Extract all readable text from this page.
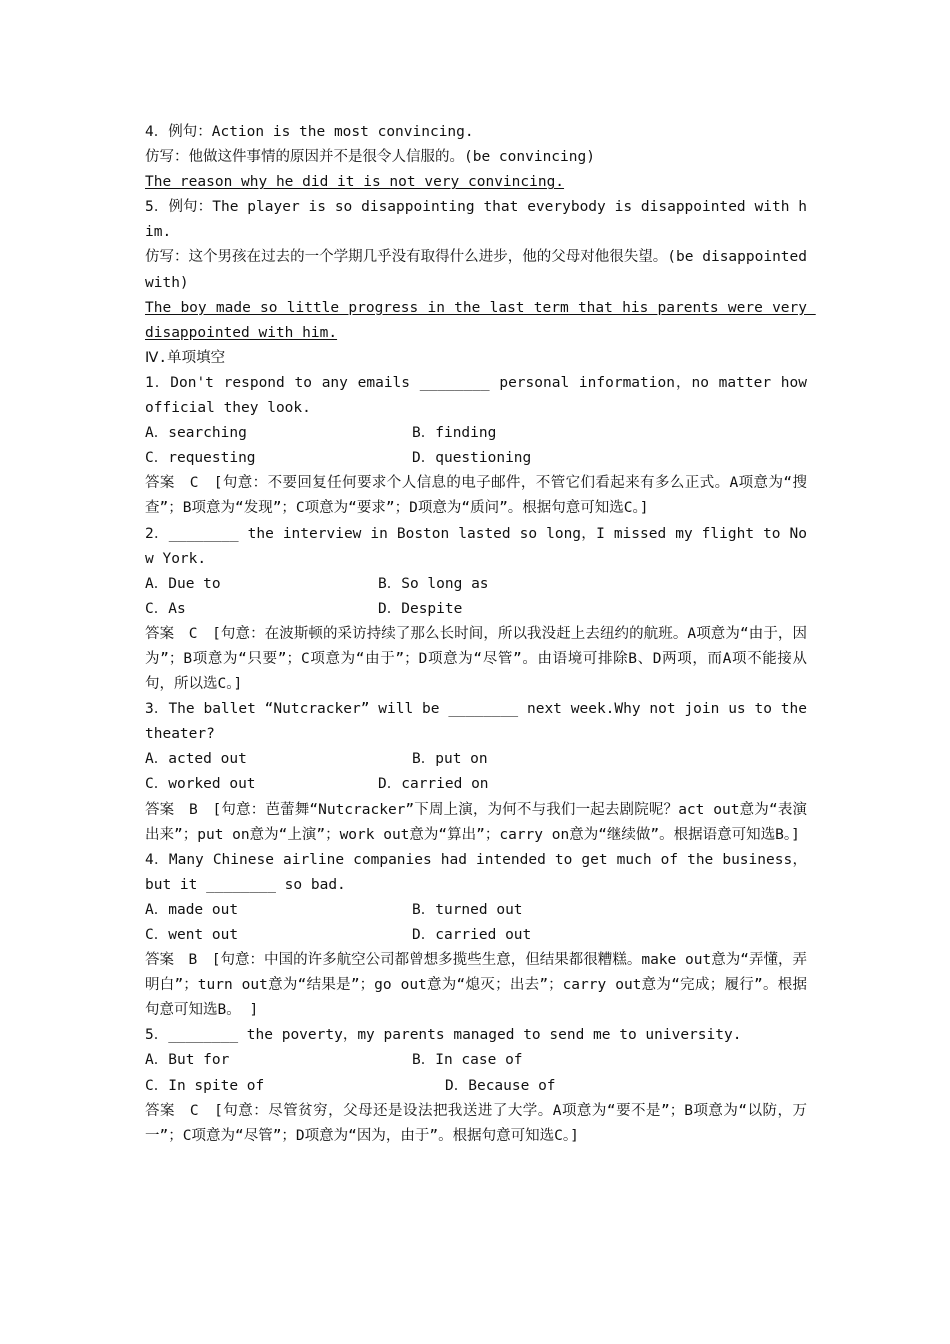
4．例句：Action is the most convincing.
仿写：他做这件事情的原因并不是很令人信服的。(be convincing)
The reason why he did it is not very convincing.
5．例句：The player is so disappointing that everybody is disappointed with him.
仿写：这个男孩在过去的一个学期几乎没有取得什么进步，他的父母对他很失望。(be disappointed with)
The boy made so little progress in the last term that his parents were very disappointed with him.
Ⅳ.单项填空
1．Don't respond to any emails ________ personal information，no matter how official they look.
A．searching	B．finding
C．requesting	D．questioning
答案　C　[句意：不要回复任何要求个人信息的电子邮件，不管它们看起来有多么正式。A项意为“搜查”；B项意为“发现”；C项意为“要求”；D项意为“质问”。根据句意可知选C。]
2．________ the interview in Boston lasted so long，I missed my flight to Now York.
A．Due to	B．So long as
C．As	D．Despite
答案　C　[句意：在波斯顿的采访持续了那么长时间，所以我没赶上去纽约的航班。A项意为“由于，因为”；B项意为“只要”；C项意为“由于”；D项意为“尽管”。由语境可排除B、D两项，而A项不能接从句，所以选C。]
3．The ballet “Nutcracker” will be ________ next week.Why not join us to the theater?
A．acted out	B．put on
C．worked out	D．carried on
答案　B　[句意：芭蕾舞“Nutcracker”下周上演，为何不与我们一起去剧院呢？act out意为“表演出来”；put on意为“上演”；work out意为“算出”；carry on意为“继续做”。根据语意可知选B。]
4．Many Chinese airline companies had intended to get much of the business，but it ________ so bad.
A．made out	B．turned out
C．went out	D．carried out
答案　B　[句意：中国的许多航空公司都曾想多揽些生意，但结果都很糟糕。make out意为“弄懂，弄明白”；turn out意为“结果是”；go out意为“熄灭；出去”；carry out意为“完成；履行”。根据句意可知选B。 ]
5．________ the poverty，my parents managed to send me to university.
A．But for	B．In case of
C．In spite of	D．Because of
答案　C　[句意：尽管贫穷，父母还是设法把我送进了大学。A项意为“要不是”；B项意为“以防，万一”；C项意为“尽管”；D项意为“因为，由于”。根据句意可知选C。]
